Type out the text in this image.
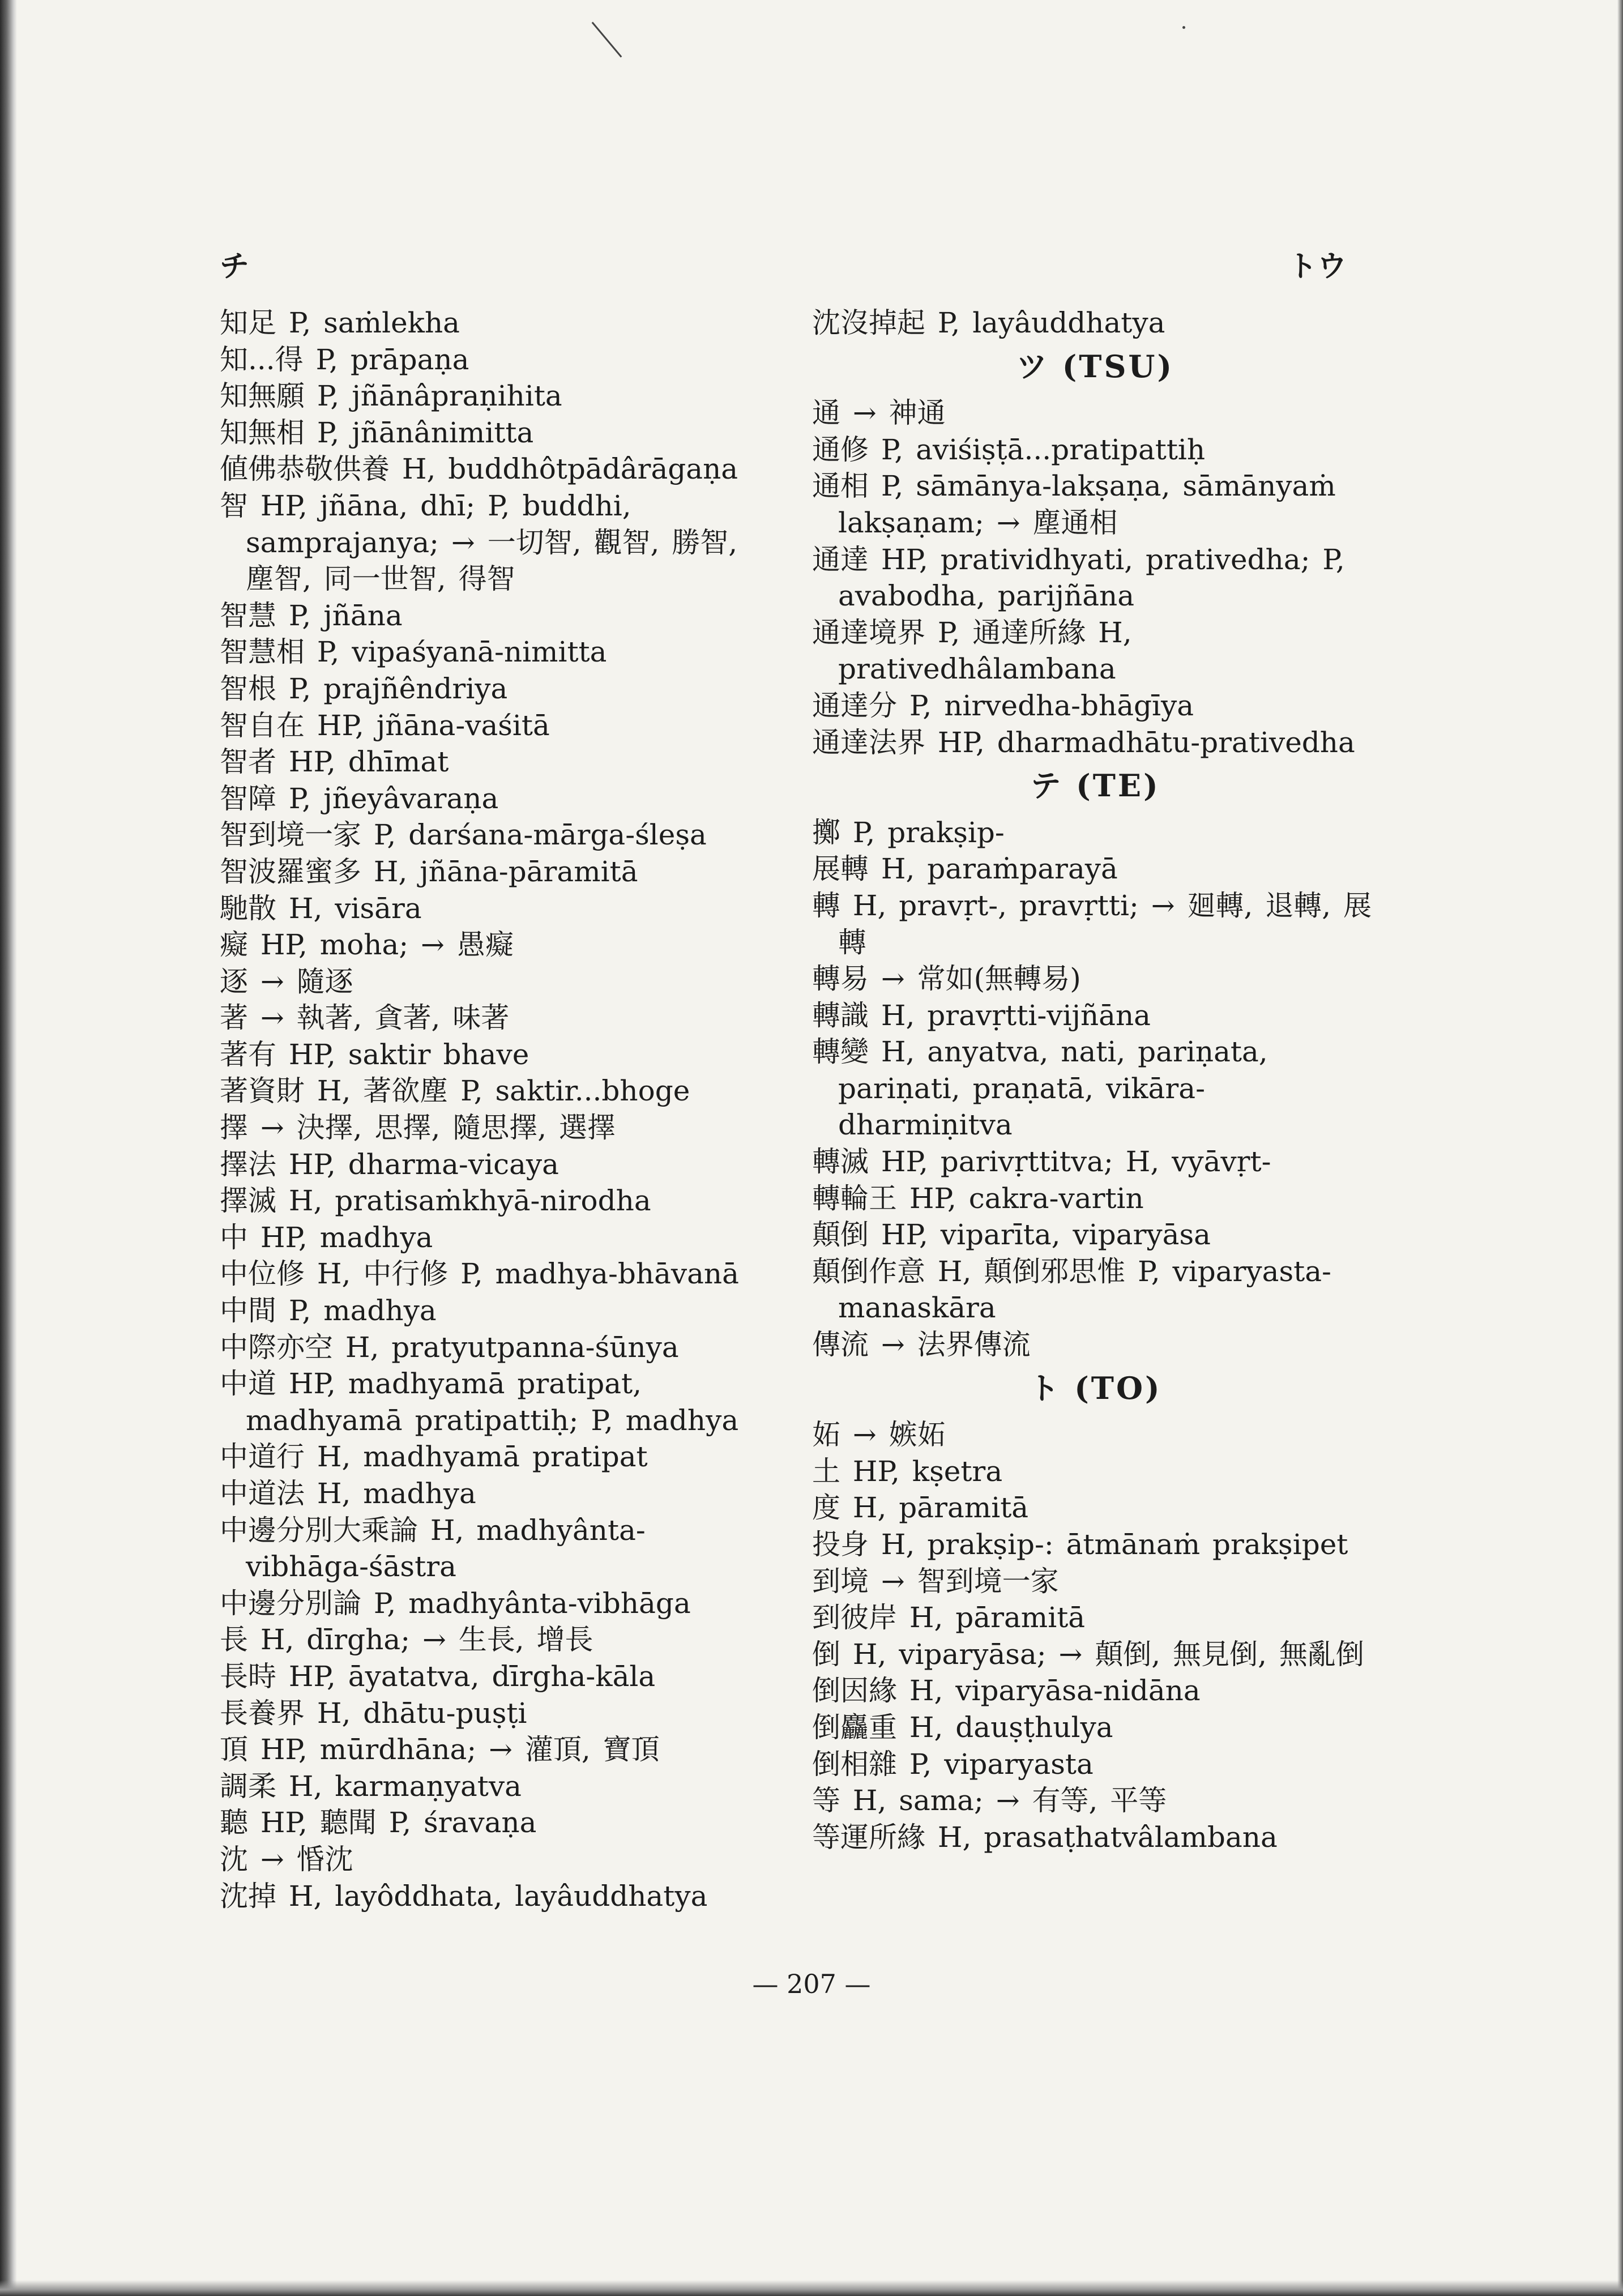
チ	トウ
知足 P, saṁlekha
知...得 P, prāpaṇa
知無願 P, jñānâpraṇihita
知無相 P, jñānânimitta
値佛恭敬供養 H, buddhôtpādârāgaṇa
智 HP, jñāna, dhī; P, buddhi, samprajanya; → 一切智, 觀智, 勝智, 塵智, 同一世智, 得智
智慧 P, jñāna
智慧相 P, vipaśyanā-nimitta
智根 P, prajñêndriya
智自在 HP, jñāna-vaśitā
智者 HP, dhīmat
智障 P, jñeyâvaraṇa
智到境一家 P, darśana-mārga-śleṣa
智波羅蜜多 H, jñāna-pāramitā
馳散 H, visāra
癡 HP, moha; → 愚癡
逐 → 隨逐
著 → 執著, 貪著, 味著
著有 HP, saktir bhave
著資財 H, 著欲塵 P, saktir...bhoge
擇 → 決擇, 思擇, 隨思擇, 選擇
擇法 HP, dharma-vicaya
擇滅 H, pratisaṁkhyā-nirodha
中 HP, madhya
中位修 H, 中行修 P, madhya-bhāvanā
中間 P, madhya
中際亦空 H, pratyutpanna-śūnya
中道 HP, madhyamā pratipat, madhyamā pratipattiḥ; P, madhya
中道行 H, madhyamā pratipat
中道法 H, madhya
中邊分別大乘論 H, madhyânta-vibhāga-śāstra
中邊分別論 P, madhyânta-vibhāga
長 H, dīrgha; → 生長, 增長
長時 HP, āyatatva, dīrgha-kāla
長養界 H, dhātu-puṣṭi
頂 HP, mūrdhāna; → 灌頂, 寶頂
調柔 H, karmaṇyatva
聽 HP, 聽聞 P, śravaṇa
沈 → 惛沈
沈掉 H, layôddhata, layâuddhatya
沈沒掉起 P, layâuddhatya
ツ (TSU)
通 → 神通
通修 P, aviśiṣṭā...pratipattiḥ
通相 P, sāmānya-lakṣaṇa, sāmānyaṁ lakṣaṇam; → 塵通相
通達 HP, pratividhyati, prativedha; P, avabodha, parijñāna
通達境界 P, 通達所緣 H, prativedhâlambana
通達分 P, nirvedha-bhāgīya
通達法界 HP, dharmadhātu-prativedha
テ (TE)
擲 P, prakṣip-
展轉 H, paraṁparayā
轉 H, pravṛt-, pravṛtti; → 廻轉, 退轉, 展轉
轉易 → 常如(無轉易)
轉識 H, pravṛtti-vijñāna
轉變 H, anyatva, nati, pariṇata, pariṇati, praṇatā, vikāra-dharmiṇitva
轉滅 HP, parivṛttitva; H, vyāvṛt-
轉輪王 HP, cakra-vartin
顛倒 HP, viparīta, viparyāsa
顛倒作意 H, 顛倒邪思惟 P, viparyasta-manaskāra
傳流 → 法界傳流
ト (TO)
妬 → 嫉妬
土 HP, kṣetra
度 H, pāramitā
投身 H, prakṣip-: ātmānaṁ prakṣipet
到境 → 智到境一家
到彼岸 H, pāramitā
倒 H, viparyāsa; → 顛倒, 無見倒, 無亂倒
倒因緣 H, viparyāsa-nidāna
倒麤重 H, dauṣṭhulya
倒相雜 P, viparyasta
等 H, sama; → 有等, 平等
等運所緣 H, prasaṭhatvâlambana
— 207 —
